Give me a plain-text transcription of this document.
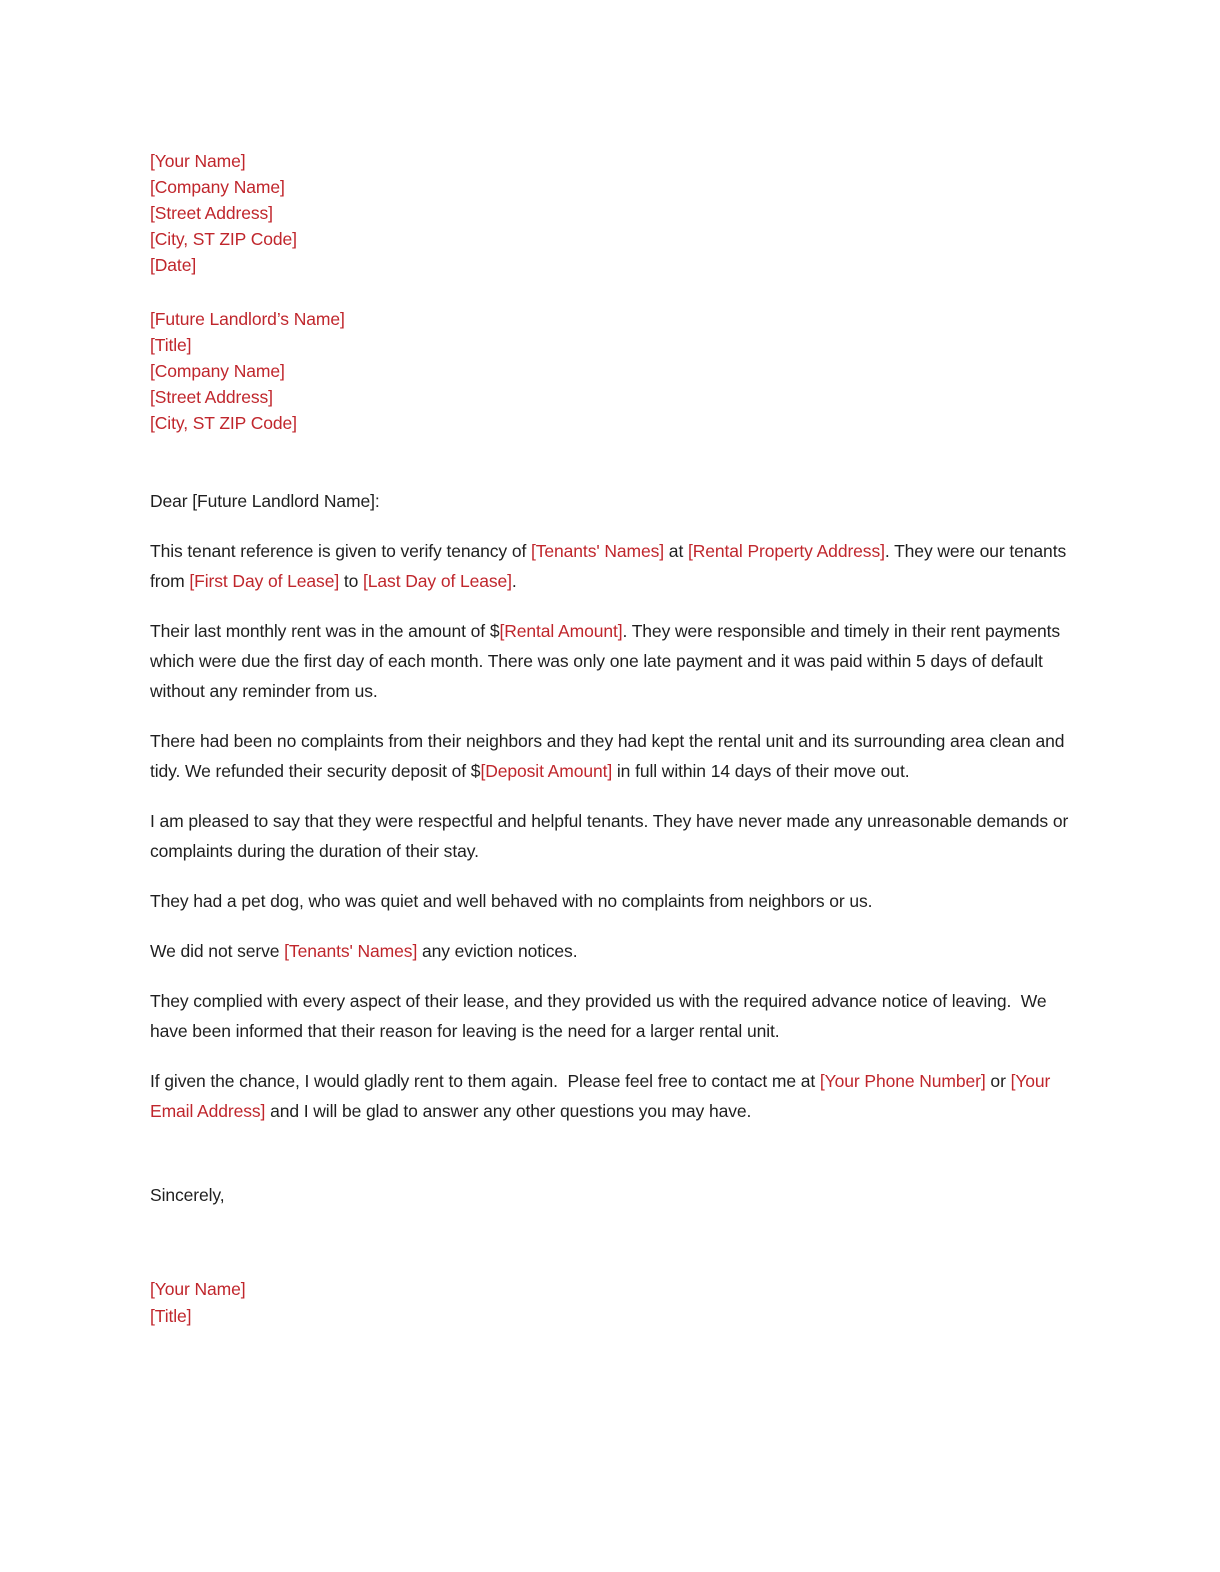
[Your Name]
[Company Name]
[Street Address]
[City, ST ZIP Code]
[Date]
[Future Landlord’s Name]
[Title]
[Company Name]
[Street Address]
[City, ST ZIP Code]

Dear [Future Landlord Name]:

This tenant reference is given to verify tenancy of [Tenants' Names] at [Rental Property Address]. They were our tenants from [First Day of Lease] to [Last Day of Lease].

Their last monthly rent was in the amount of $[Rental Amount]. They were responsible and timely in their rent payments which were due the first day of each month. There was only one late payment and it was paid within 5 days of default without any reminder from us.

There had been no complaints from their neighbors and they had kept the rental unit and its surrounding area clean and tidy. We refunded their security deposit of $[Deposit Amount] in full within 14 days of their move out.

I am pleased to say that they were respectful and helpful tenants. They have never made any unreasonable demands or complaints during the duration of their stay.

They had a pet dog, who was quiet and well behaved with no complaints from neighbors or us.

We did not serve [Tenants' Names] any eviction notices.

They complied with every aspect of their lease, and they provided us with the required advance notice of leaving.  We have been informed that their reason for leaving is the need for a larger rental unit.

If given the chance, I would gladly rent to them again.  Please feel free to contact me at [Your Phone Number] or [Your Email Address] and I will be glad to answer any other questions you may have.

Sincerely,

[Your Name]
[Title]
